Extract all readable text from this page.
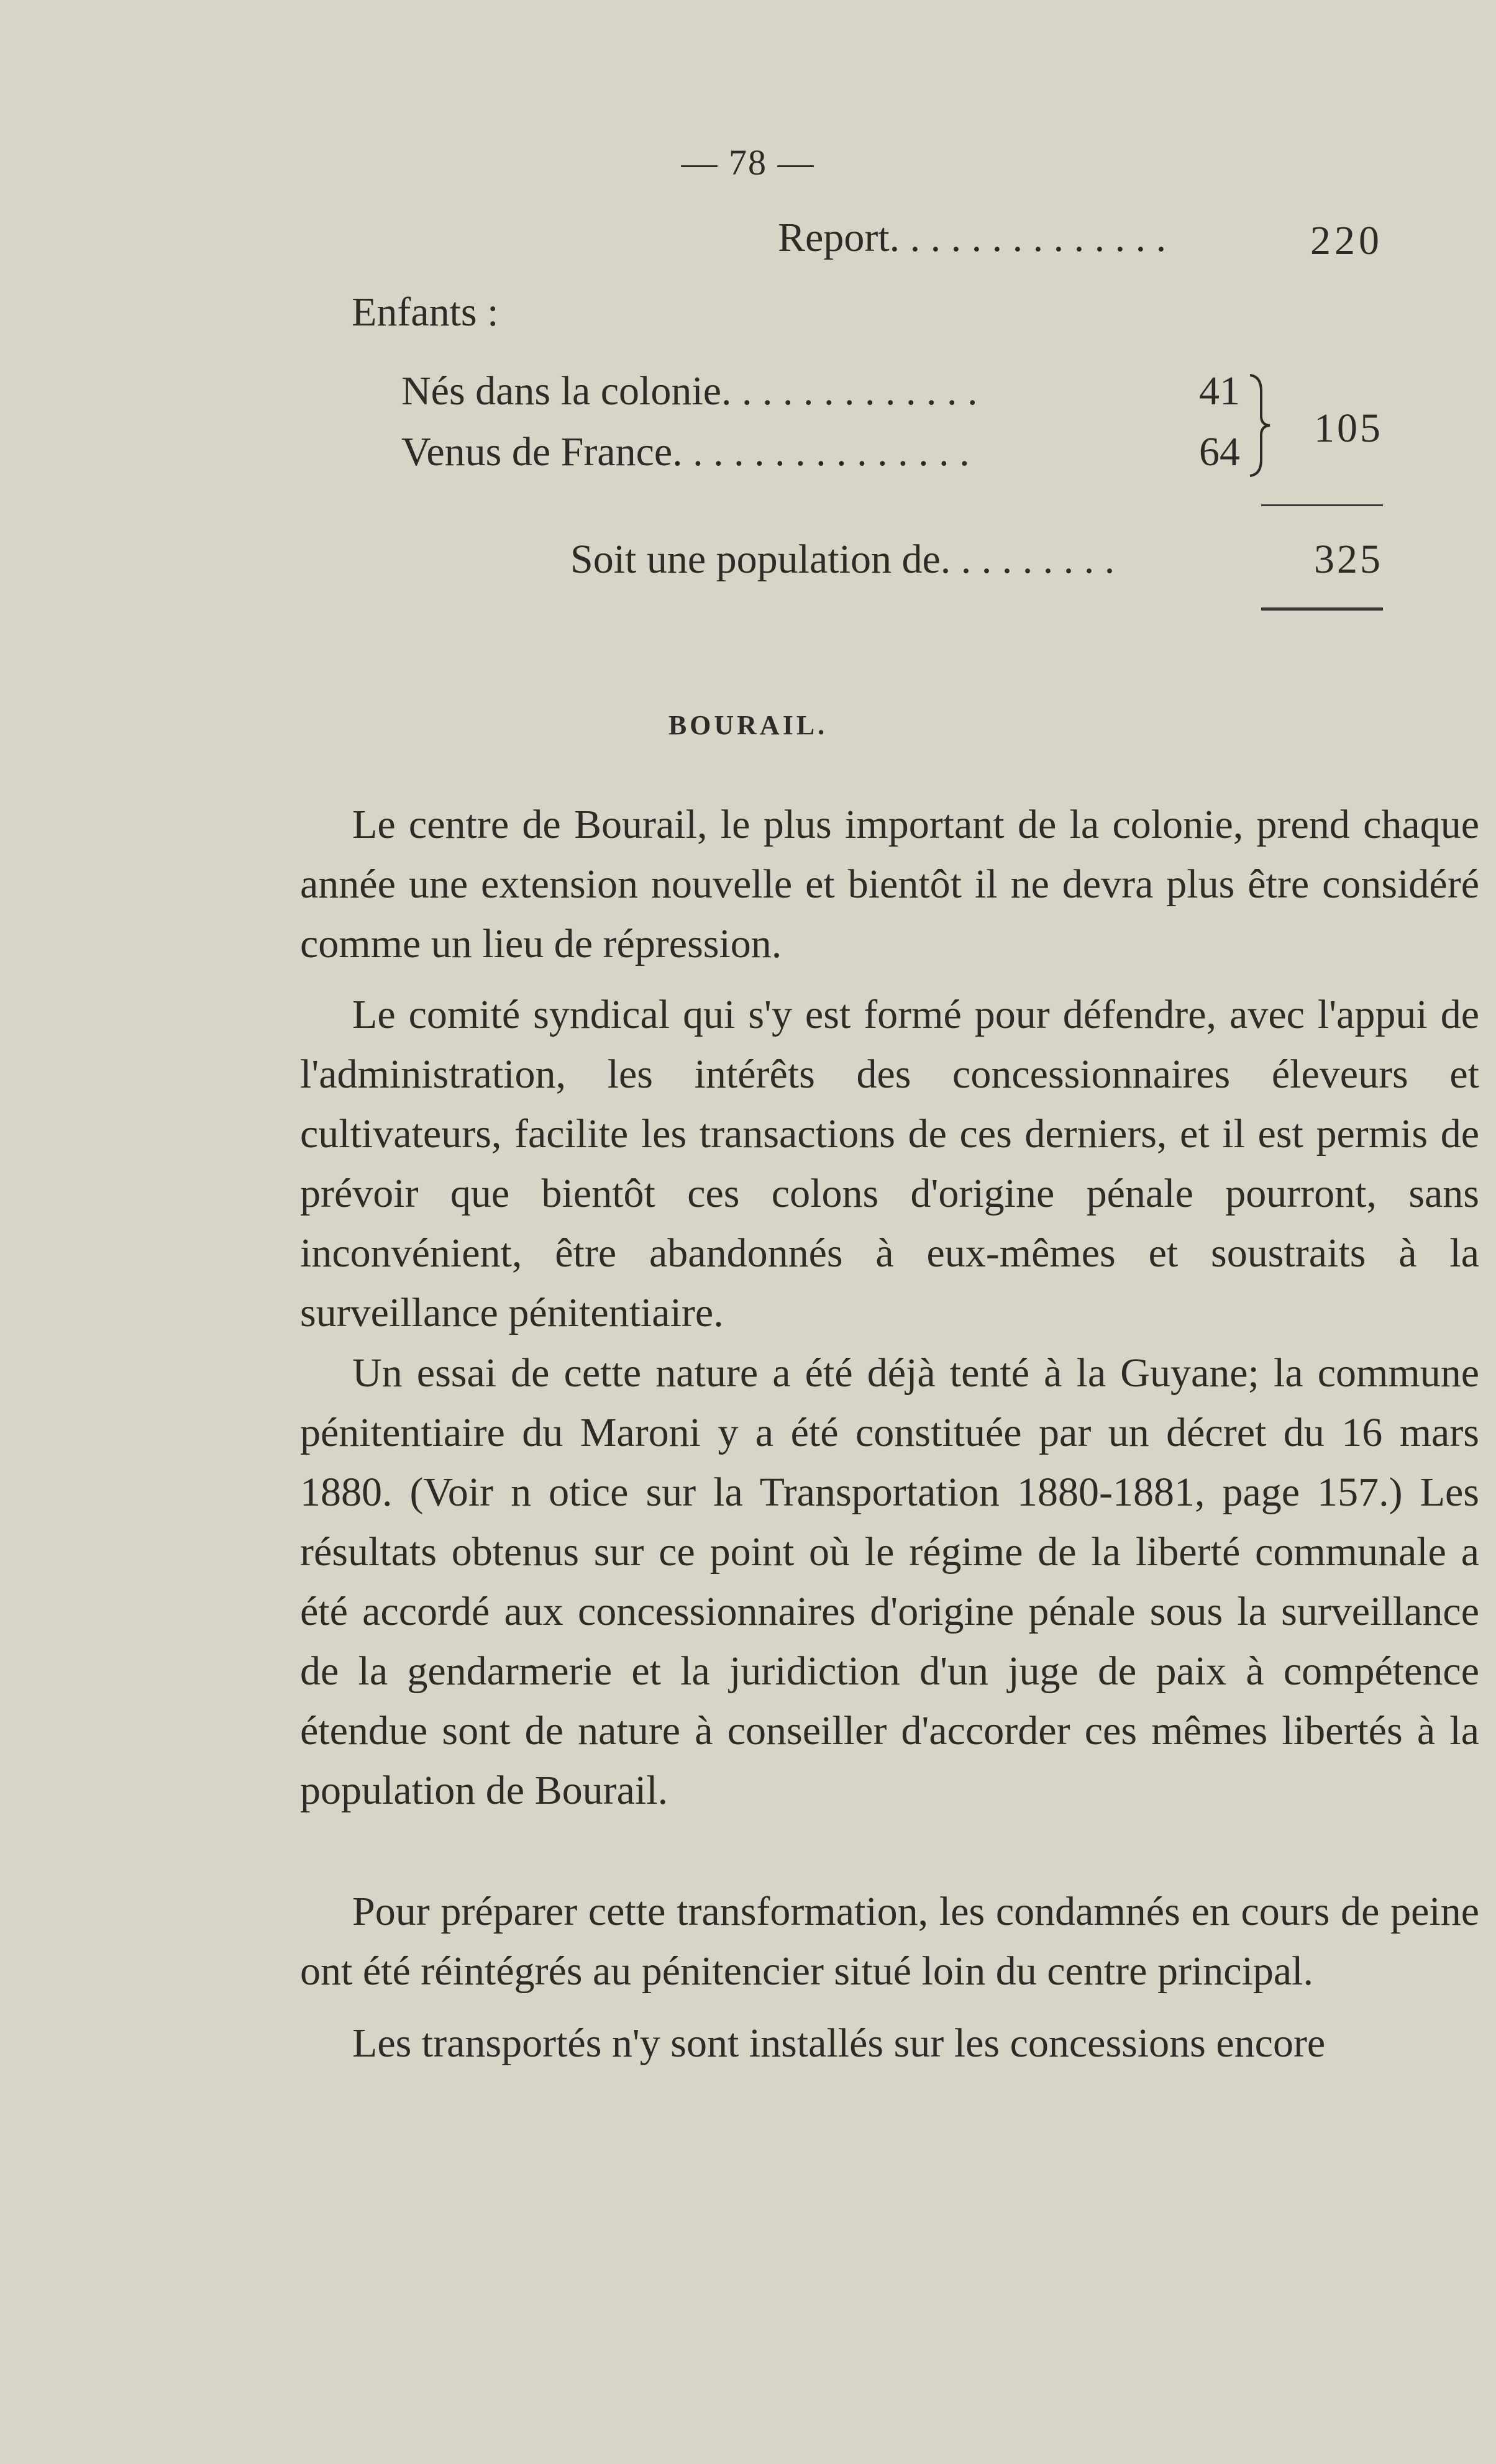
— 78 —
Report. . . . . . . . . . . . . .	220
Enfants :
Nés dans la colonie. . . . . . . . . . . . .	41
Venus de France. . . . . . . . . . . . . . .	64
105
Soit une population de. . . . . . . . .	325
BOURAIL.

Le centre de Bourail, le plus important de la colonie, prend chaque année une extension nouvelle et bientôt il ne devra plus être considéré comme un lieu de répression.

Le comité syndical qui s'y est formé pour défendre, avec l'appui de l'administration, les intérêts des concessionnaires éleveurs et cultivateurs, facilite les transactions de ces derniers, et il est permis de prévoir que bientôt ces colons d'origine pénale pourront, sans inconvénient, être abandonnés à eux-mêmes et soustraits à la surveillance pénitentiaire.

Un essai de cette nature a été déjà tenté à la Guyane; la commune pénitentiaire du Maroni y a été constituée par un décret du 16 mars 1880. (Voir n otice sur la Transportation 1880-1881, page 157.) Les résultats obtenus sur ce point où le régime de la liberté communale a été accordé aux concessionnaires d'origine pénale sous la surveillance de la gendarmerie et la juridiction d'un juge de paix à compétence étendue sont de nature à conseiller d'accorder ces mêmes libertés à la population de Bourail.

Pour préparer cette transformation, les condamnés en cours de peine ont été réintégrés au pénitencier situé loin du centre principal.

Les transportés n'y sont installés sur les concessions encore
